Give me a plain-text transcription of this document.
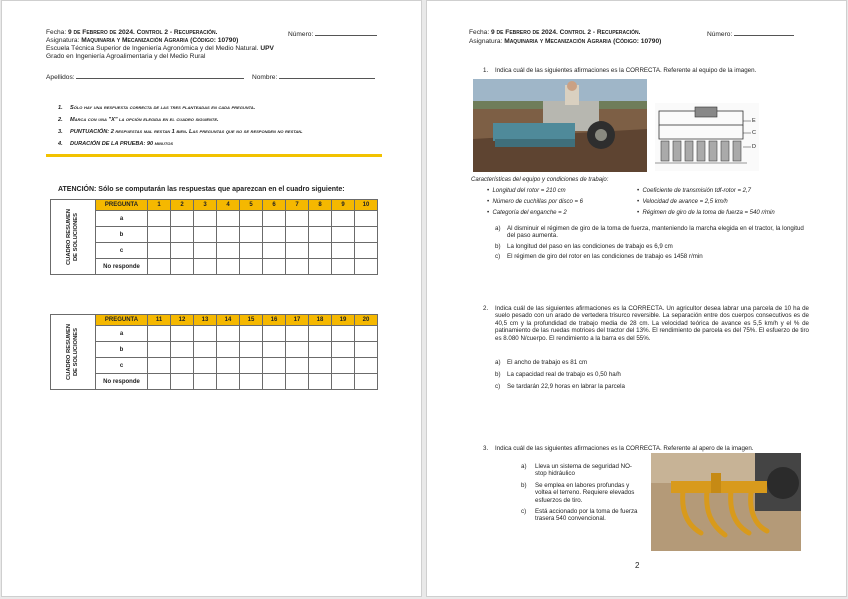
Fecha: 9 de Febrero de 2024. Control 2 - Recuperación.	Número:
Asignatura: Maquinaria y Mecanización Agraria (Código: 10790)
Escuela Técnica Superior de Ingeniería Agronómica y del Medio Natural. UPV
Grado en Ingeniería Agroalimentaria y del Medio Rural
Apellidos:	Nombre:
1. Sólo hay una respuesta correcta de las tres planteadas en cada pregunta.
2. Marca con una "X" la opción elegida en el cuadro siguiente.
3. PUNTUACIÓN: 2 respuestas mal restan 1 bien. Las preguntas que no se responden no restan.
4. DURACIÓN DE LA PRUEBA: 90 minutos
ATENCIÓN: Sólo se computarán las respuestas que aparezcan en el cuadro siguiente:
CUADRO RESUMEN
DE SOLUCIONES	PREGUNTA	1	2	3	4	5	6	7	8	9	10
	a										
	b										
	c										
	No responde										
CUADRO RESUMEN
DE SOLUCIONES	PREGUNTA	11	12	13	14	15	16	17	18	19	20
	a										
	b										
	c										
	No responde										
Fecha: 9 de Febrero de 2024. Control 2 - Recuperación.	Número:
Asignatura: Maquinaria y Mecanización Agraria (Código: 10790)
1. Indica cuál de las siguientes afirmaciones es la CORRECTA. Referente al equipo de la imagen.
E
C
D
Características del equipo y condiciones de trabajo:
•  Longitud del rotor = 210 cm
•  Número de cuchillas por disco = 6
•  Categoría del enganche = 2
•  Coeficiente de transmisión tdf-rotor = 2,7
•  Velocidad de avance = 2,5 km/h
•  Régimen de giro de la toma de fuerza = 540 r/min
a)	Al disminuir el régimen de giro de la toma de fuerza, manteniendo la marcha elegida en el tractor, la longitud del paso aumenta.
b)	La longitud del paso en las condiciones de trabajo es 6,9 cm
c)	El régimen de giro del rotor en las condiciones de trabajo es 1458 r/min
2.	Indica cuál de las siguientes afirmaciones es la CORRECTA. Un agricultor desea labrar una parcela de 10 ha de suelo pesado con un arado de vertedera trisurco reversible. La separación entre dos cuerpos consecutivos es de 40,5 cm y la profundidad de trabajo media de 28 cm. La velocidad teórica de avance es 5,5 km/h y el % de patinamiento de las ruedas motrices del tractor del 13%. El rendimiento de parcela es del 75%. El esfuerzo de tiro es 8.080 N/cuerpo. El rendimiento a la barra es del 55%.
a)	El ancho de trabajo es 81 cm
b)	La capacidad real de trabajo es 0,50 ha/h
c)	Se tardarán 22,9 horas en labrar la parcela
3. Indica cuál de las siguientes afirmaciones es la CORRECTA. Referente al apero de la imagen.
a)	Lleva un sistema de seguridad NO-stop hidráulico
b)	Se emplea en labores profundas y voltea el terreno. Requiere elevados esfuerzos de tiro.
c)	Está accionado por la toma de fuerza trasera 540 convencional.
2
